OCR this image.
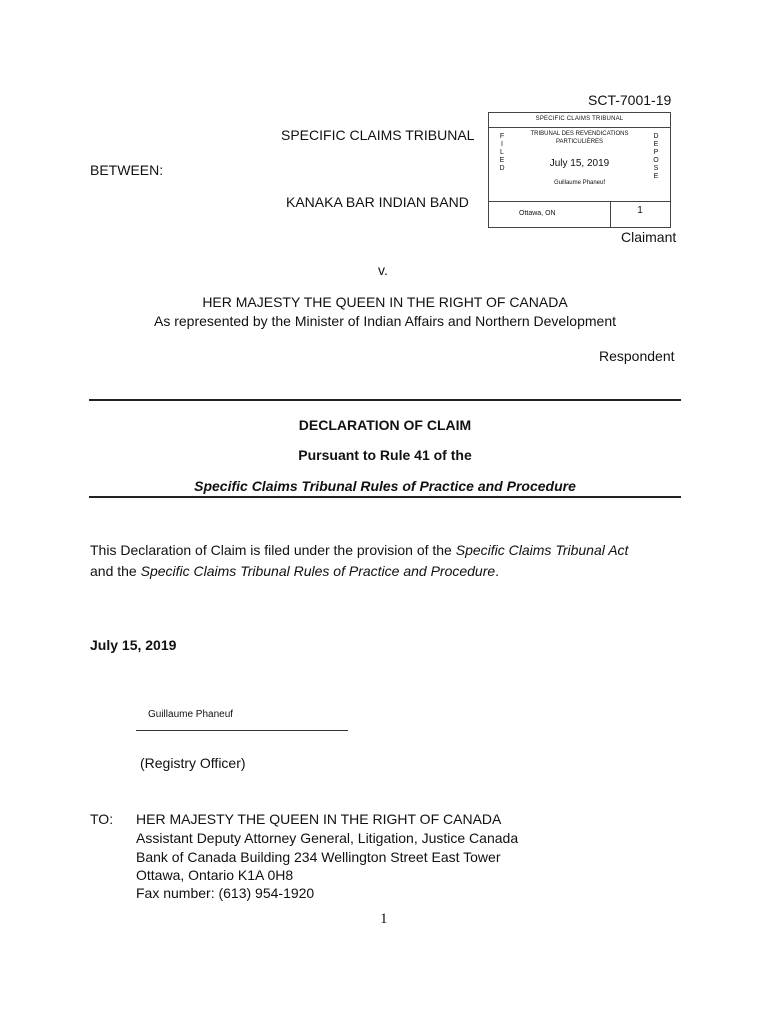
SCT-7001-19
SPECIFIC CLAIMS TRIBUNAL
F
I
L
E
D
D
E
P
O
S
E
TRIBUNAL DES REVENDICATIONS
PARTICULIÈRES
July 15, 2019
Guillaume Phaneuf
Ottawa, ON	1
SPECIFIC CLAIMS TRIBUNAL
BETWEEN:
KANAKA BAR INDIAN BAND
Claimant
v.
HER MAJESTY THE QUEEN IN THE RIGHT OF CANADA
As represented by the Minister of Indian Affairs and Northern Development
Respondent
DECLARATION OF CLAIM
Pursuant to Rule 41 of the
Specific Claims Tribunal Rules of Practice and Procedure
This Declaration of Claim is filed under the provision of the Specific Claims Tribunal Act
and the Specific Claims Tribunal Rules of Practice and Procedure.
July 15, 2019
Guillaume Phaneuf
(Registry Officer)
TO: HER MAJESTY THE QUEEN IN THE RIGHT OF CANADA
Assistant Deputy Attorney General, Litigation, Justice Canada
Bank of Canada Building 234 Wellington Street East Tower
Ottawa, Ontario K1A 0H8
Fax number: (613) 954-1920
1
